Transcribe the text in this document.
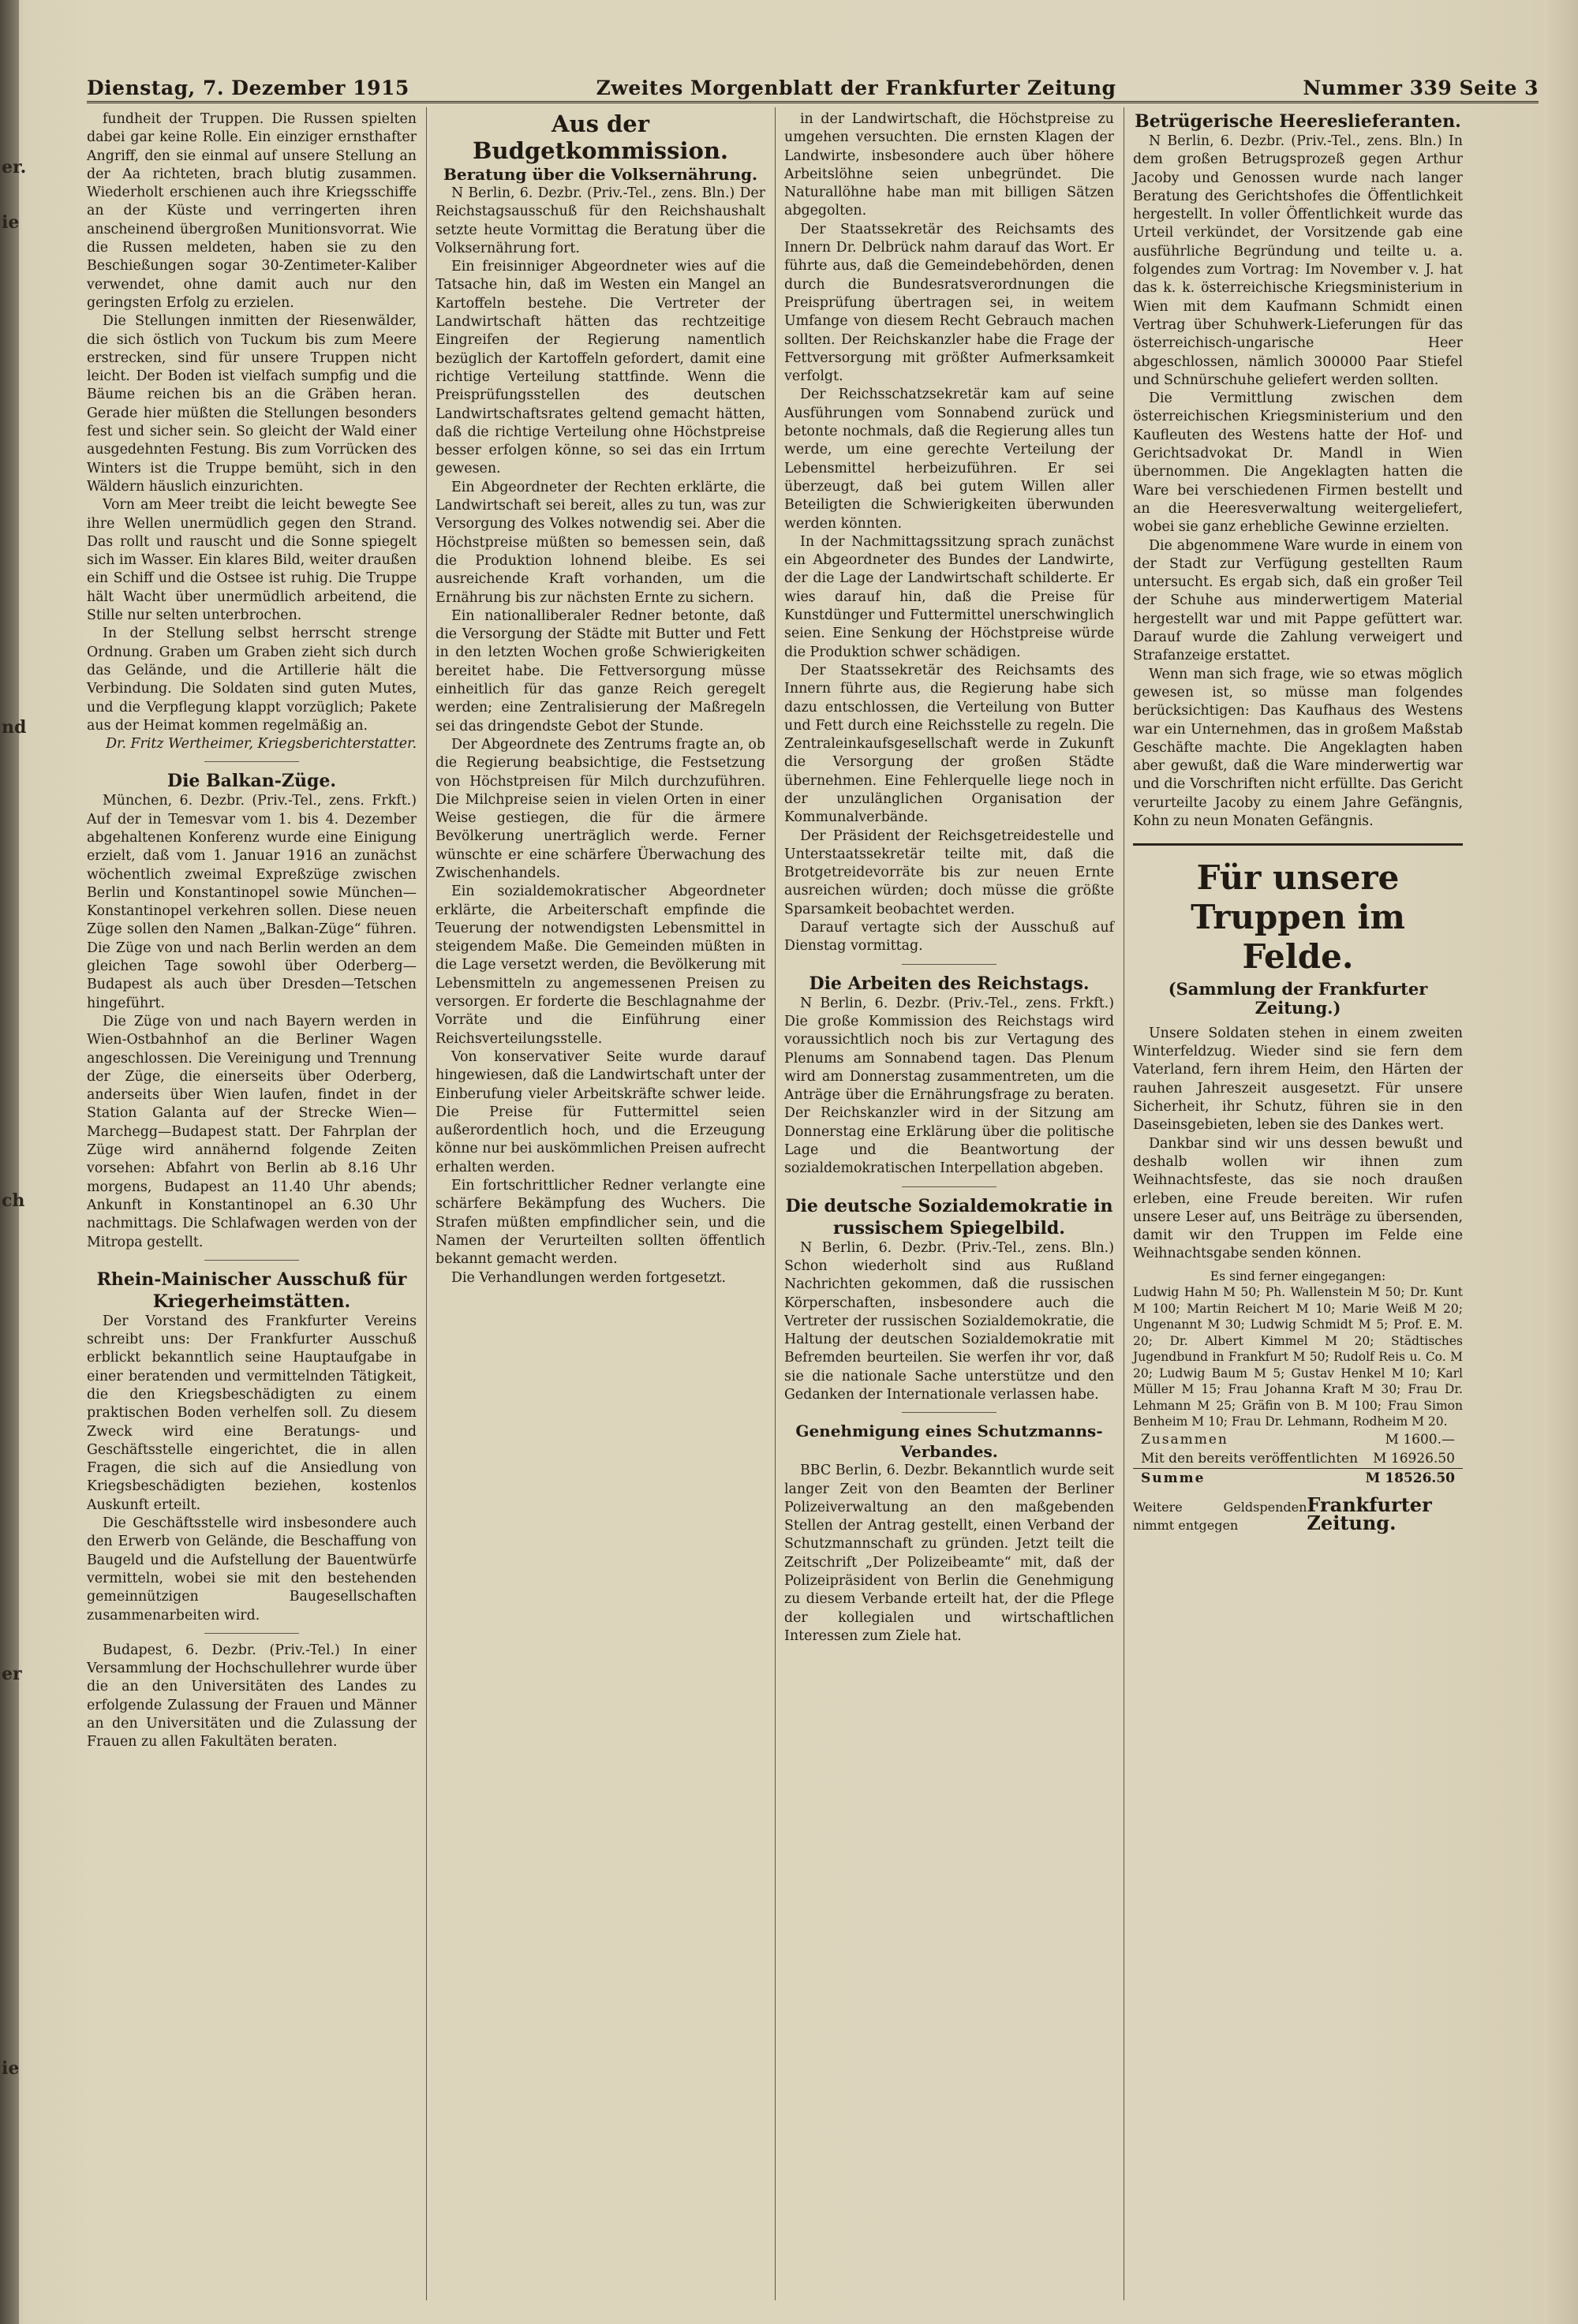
er.
ie
nd
ch
er
ie
Dienstag, 7. Dezember 1915	Zweites Morgenblatt der Frankfurter Zeitung	Nummer 339 Seite 3

fundheit der Truppen. Die Russen spielten dabei gar keine Rolle. Ein einziger ernsthafter Angriff, den sie einmal auf unsere Stellung an der Aa richteten, brach blutig zusammen. Wiederholt erschienen auch ihre Kriegsschiffe an der Küste und verringerten ihren anscheinend übergroßen Munitionsvorrat. Wie die Russen meldeten, haben sie zu den Beschießungen sogar 30-Zentimeter-Kaliber verwendet, ohne damit auch nur den geringsten Erfolg zu erzielen.

Die Stellungen inmitten der Riesenwälder, die sich östlich von Tuckum bis zum Meere erstrecken, sind für unsere Truppen nicht leicht. Der Boden ist vielfach sumpfig und die Bäume reichen bis an die Gräben heran. Gerade hier müßten die Stellungen besonders fest und sicher sein. So gleicht der Wald einer ausgedehnten Festung. Bis zum Vorrücken des Winters ist die Truppe bemüht, sich in den Wäldern häuslich einzurichten.

Vorn am Meer treibt die leicht bewegte See ihre Wellen unermüdlich gegen den Strand. Das rollt und rauscht und die Sonne spiegelt sich im Wasser. Ein klares Bild, weiter draußen ein Schiff und die Ostsee ist ruhig. Die Truppe hält Wacht über unermüdlich arbeitend, die Stille nur selten unterbrochen.

In der Stellung selbst herrscht strenge Ordnung. Graben um Graben zieht sich durch das Gelände, und die Artillerie hält die Verbindung. Die Soldaten sind guten Mutes, und die Verpflegung klappt vorzüglich; Pakete aus der Heimat kommen regelmäßig an.

Dr. Fritz Wertheimer, Kriegsberichterstatter.

Die Balkan-Züge.

München, 6. Dezbr. (Priv.-Tel., zens. Frkft.) Auf der in Temesvar vom 1. bis 4. Dezember abgehaltenen Konferenz wurde eine Einigung erzielt, daß vom 1. Januar 1916 an zunächst wöchentlich zweimal Expreßzüge zwischen Berlin und Konstantinopel sowie München—Konstantinopel verkehren sollen. Diese neuen Züge sollen den Namen „Balkan-Züge“ führen. Die Züge von und nach Berlin werden an dem gleichen Tage sowohl über Oderberg—Budapest als auch über Dresden—Tetschen hingeführt.

Die Züge von und nach Bayern werden in Wien-Ostbahnhof an die Berliner Wagen angeschlossen. Die Vereinigung und Trennung der Züge, die einerseits über Oderberg, anderseits über Wien laufen, findet in der Station Galanta auf der Strecke Wien—Marchegg—Budapest statt. Der Fahrplan der Züge wird annähernd folgende Zeiten vorsehen: Abfahrt von Berlin ab 8.16 Uhr morgens, Budapest an 11.40 Uhr abends; Ankunft in Konstantinopel an 6.30 Uhr nachmittags. Die Schlafwagen werden von der Mitropa gestellt.

Rhein-Mainischer Ausschuß für Kriegerheimstätten.

Der Vorstand des Frankfurter Vereins schreibt uns: Der Frankfurter Ausschuß erblickt bekanntlich seine Hauptaufgabe in einer beratenden und vermittelnden Tätigkeit, die den Kriegsbeschädigten zu einem praktischen Boden verhelfen soll. Zu diesem Zweck wird eine Beratungs- und Geschäftsstelle eingerichtet, die in allen Fragen, die sich auf die Ansiedlung von Kriegsbeschädigten beziehen, kostenlos Auskunft erteilt.

Die Geschäftsstelle wird insbesondere auch den Erwerb von Gelände, die Beschaffung von Baugeld und die Aufstellung der Bauentwürfe vermitteln, wobei sie mit den bestehenden gemeinnützigen Baugesellschaften zusammenarbeiten wird.

Budapest, 6. Dezbr. (Priv.-Tel.) In einer Versammlung der Hochschullehrer wurde über die an den Universitäten des Landes zu erfolgende Zulassung der Frauen und Männer an den Universitäten und die Zulassung der Frauen zu allen Fakultäten beraten.

Aus der Budgetkommission.

Beratung über die Volksernährung.

N Berlin, 6. Dezbr. (Priv.-Tel., zens. Bln.) Der Reichstagsausschuß für den Reichshaushalt setzte heute Vormittag die Beratung über die Volksernährung fort.

Ein freisinniger Abgeordneter wies auf die Tatsache hin, daß im Westen ein Mangel an Kartoffeln bestehe. Die Vertreter der Landwirtschaft hätten das rechtzeitige Eingreifen der Regierung namentlich bezüglich der Kartoffeln gefordert, damit eine richtige Verteilung stattfinde. Wenn die Preisprüfungsstellen des deutschen Landwirtschaftsrates geltend gemacht hätten, daß die richtige Verteilung ohne Höchstpreise besser erfolgen könne, so sei das ein Irrtum gewesen.

Ein Abgeordneter der Rechten erklärte, die Landwirtschaft sei bereit, alles zu tun, was zur Versorgung des Volkes notwendig sei. Aber die Höchstpreise müßten so bemessen sein, daß die Produktion lohnend bleibe. Es sei ausreichende Kraft vorhanden, um die Ernährung bis zur nächsten Ernte zu sichern.

Ein nationalliberaler Redner betonte, daß die Versorgung der Städte mit Butter und Fett in den letzten Wochen große Schwierigkeiten bereitet habe. Die Fettversorgung müsse einheitlich für das ganze Reich geregelt werden; eine Zentralisierung der Maßregeln sei das dringendste Gebot der Stunde.

Der Abgeordnete des Zentrums fragte an, ob die Regierung beabsichtige, die Festsetzung von Höchstpreisen für Milch durchzuführen. Die Milchpreise seien in vielen Orten in einer Weise gestiegen, die für die ärmere Bevölkerung unerträglich werde. Ferner wünschte er eine schärfere Überwachung des Zwischenhandels.

Ein sozialdemokratischer Abgeordneter erklärte, die Arbeiterschaft empfinde die Teuerung der notwendigsten Lebensmittel in steigendem Maße. Die Gemeinden müßten in die Lage versetzt werden, die Bevölkerung mit Lebensmitteln zu angemessenen Preisen zu versorgen. Er forderte die Beschlagnahme der Vorräte und die Einführung einer Reichsverteilungsstelle.

Von konservativer Seite wurde darauf hingewiesen, daß die Landwirtschaft unter der Einberufung vieler Arbeitskräfte schwer leide. Die Preise für Futtermittel seien außerordentlich hoch, und die Erzeugung könne nur bei auskömmlichen Preisen aufrecht erhalten werden.

Ein fortschrittlicher Redner verlangte eine schärfere Bekämpfung des Wuchers. Die Strafen müßten empfindlicher sein, und die Namen der Verurteilten sollten öffentlich bekannt gemacht werden.

Die Verhandlungen werden fortgesetzt.

in der Landwirtschaft, die Höchstpreise zu umgehen versuchten. Die ernsten Klagen der Landwirte, insbesondere auch über höhere Arbeitslöhne seien unbegründet. Die Naturallöhne habe man mit billigen Sätzen abgegolten.

Der Staatssekretär des Reichsamts des Innern Dr. Delbrück nahm darauf das Wort. Er führte aus, daß die Gemeindebehörden, denen durch die Bundesratsverordnungen die Preisprüfung übertragen sei, in weitem Umfange von diesem Recht Gebrauch machen sollten. Der Reichskanzler habe die Frage der Fettversorgung mit größter Aufmerksamkeit verfolgt.

Der Reichsschatzsekretär kam auf seine Ausführungen vom Sonnabend zurück und betonte nochmals, daß die Regierung alles tun werde, um eine gerechte Verteilung der Lebensmittel herbeizuführen. Er sei überzeugt, daß bei gutem Willen aller Beteiligten die Schwierigkeiten überwunden werden könnten.

In der Nachmittagssitzung sprach zunächst ein Abgeordneter des Bundes der Landwirte, der die Lage der Landwirtschaft schilderte. Er wies darauf hin, daß die Preise für Kunstdünger und Futtermittel unerschwinglich seien. Eine Senkung der Höchstpreise würde die Produktion schwer schädigen.

Der Staatssekretär des Reichsamts des Innern führte aus, die Regierung habe sich dazu entschlossen, die Verteilung von Butter und Fett durch eine Reichsstelle zu regeln. Die Zentraleinkaufsgesellschaft werde in Zukunft die Versorgung der großen Städte übernehmen. Eine Fehlerquelle liege noch in der unzulänglichen Organisation der Kommunalverbände.

Der Präsident der Reichsgetreidestelle und Unterstaatssekretär teilte mit, daß die Brotgetreidevorräte bis zur neuen Ernte ausreichen würden; doch müsse die größte Sparsamkeit beobachtet werden.

Darauf vertagte sich der Ausschuß auf Dienstag vormittag.

Die Arbeiten des Reichstags.

N Berlin, 6. Dezbr. (Priv.-Tel., zens. Frkft.) Die große Kommission des Reichstags wird voraussichtlich noch bis zur Vertagung des Plenums am Sonnabend tagen. Das Plenum wird am Donnerstag zusammentreten, um die Anträge über die Ernährungsfrage zu beraten. Der Reichskanzler wird in der Sitzung am Donnerstag eine Erklärung über die politische Lage und die Beantwortung der sozialdemokratischen Interpellation abgeben.

Die deutsche Sozialdemokratie in russischem Spiegelbild.

N Berlin, 6. Dezbr. (Priv.-Tel., zens. Bln.) Schon wiederholt sind aus Rußland Nachrichten gekommen, daß die russischen Körperschaften, insbesondere auch die Vertreter der russischen Sozialdemokratie, die Haltung der deutschen Sozialdemokratie mit Befremden beurteilen. Sie werfen ihr vor, daß sie die nationale Sache unterstütze und den Gedanken der Internationale verlassen habe.

Genehmigung eines Schutzmanns-Verbandes.

BBC Berlin, 6. Dezbr. Bekanntlich wurde seit langer Zeit von den Beamten der Berliner Polizeiverwaltung an den maßgebenden Stellen der Antrag gestellt, einen Verband der Schutzmannschaft zu gründen. Jetzt teilt die Zeitschrift „Der Polizeibeamte“ mit, daß der Polizeipräsident von Berlin die Genehmigung zu diesem Verbande erteilt hat, der die Pflege der kollegialen und wirtschaftlichen Interessen zum Ziele hat.

Betrügerische Heereslieferanten.

N Berlin, 6. Dezbr. (Priv.-Tel., zens. Bln.) In dem großen Betrugsprozeß gegen Arthur Jacoby und Genossen wurde nach langer Beratung des Gerichtshofes die Öffentlichkeit hergestellt. In voller Öffentlichkeit wurde das Urteil verkündet, der Vorsitzende gab eine ausführliche Begründung und teilte u. a. folgendes zum Vortrag: Im November v. J. hat das k. k. österreichische Kriegsministerium in Wien mit dem Kaufmann Schmidt einen Vertrag über Schuhwerk-Lieferungen für das österreichisch-ungarische Heer abgeschlossen, nämlich 300000 Paar Stiefel und Schnürschuhe geliefert werden sollten.

Die Vermittlung zwischen dem österreichischen Kriegsministerium und den Kaufleuten des Westens hatte der Hof- und Gerichtsadvokat Dr. Mandl in Wien übernommen. Die Angeklagten hatten die Ware bei verschiedenen Firmen bestellt und an die Heeresverwaltung weitergeliefert, wobei sie ganz erhebliche Gewinne erzielten.

Die abgenommene Ware wurde in einem von der Stadt zur Verfügung gestellten Raum untersucht. Es ergab sich, daß ein großer Teil der Schuhe aus minderwertigem Material hergestellt war und mit Pappe gefüttert war. Darauf wurde die Zahlung verweigert und Strafanzeige erstattet.

Wenn man sich frage, wie so etwas möglich gewesen ist, so müsse man folgendes berücksichtigen: Das Kaufhaus des Westens war ein Unternehmen, das in großem Maßstab Geschäfte machte. Die Angeklagten haben aber gewußt, daß die Ware minderwertig war und die Vorschriften nicht erfüllte. Das Gericht verurteilte Jacoby zu einem Jahre Gefängnis, Kohn zu neun Monaten Gefängnis.

Für unsere Truppen im Felde.
(Sammlung der Frankfurter Zeitung.)

Unsere Soldaten stehen in einem zweiten Winterfeldzug. Wieder sind sie fern dem Vaterland, fern ihrem Heim, den Härten der rauhen Jahreszeit ausgesetzt. Für unsere Sicherheit, ihr Schutz, führen sie in den Daseinsgebieten, leben sie des Dankes wert.

Dankbar sind wir uns dessen bewußt und deshalb wollen wir ihnen zum Weihnachtsfeste, das sie noch draußen erleben, eine Freude bereiten. Wir rufen unsere Leser auf, uns Beiträge zu übersenden, damit wir den Truppen im Felde eine Weihnachtsgabe senden können.

Es sind ferner eingegangen:

Ludwig Hahn M 50; Ph. Wallenstein M 50; Dr. Kunt M 100; Martin Reichert M 10; Marie Weiß M 20; Ungenannt M 30; Ludwig Schmidt M 5; Prof. E. M. 20; Dr. Albert Kimmel M 20; Städtisches Jugendbund in Frankfurt M 50; Rudolf Reis u. Co. M 20; Ludwig Baum M 5; Gustav Henkel M 10; Karl Müller M 15; Frau Johanna Kraft M 30; Frau Dr. Lehmann M 25; Gräfin von B. M 100; Frau Simon Benheim M 10; Frau Dr. Lehmann, Rodheim M 20.

Zusammen	M 1600.—
Mit den bereits veröffentlichten M 16926.50
Summe	M 18526.50
Weitere Geldspenden nimmt entgegen
Frankfurter Zeitung.
